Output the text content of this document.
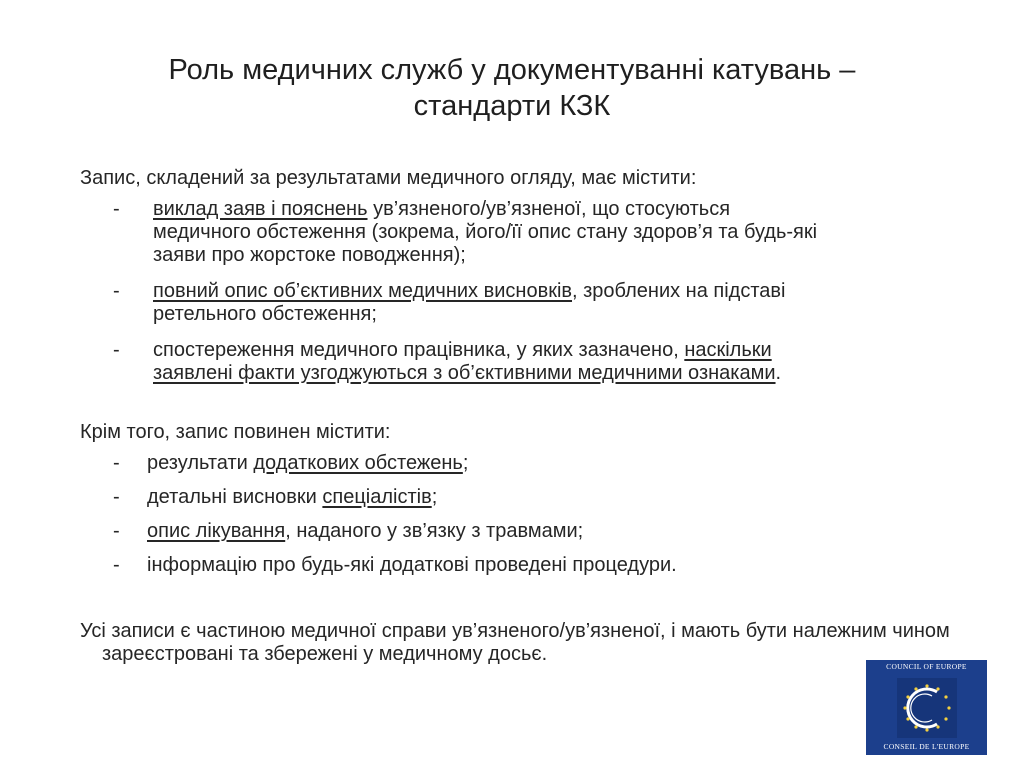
Роль медичних служб у документуванні катувань –
стандарти КЗК
Запис, складений за результатами медичного огляду, має містити:
- виклад заяв і пояснень ув’язненого/ув’язненої, що стосуються
медичного обстеження (зокрема, його/її опис стану здоров’я та будь-які
заяви про жорстоке поводження);
- повний опис об’єктивних медичних висновків, зроблених на підставі
ретельного обстеження;
- спостереження медичного працівника, у яких зазначено, наскільки
заявлені факти узгоджуються з об’єктивними медичними ознаками.
Крім того, запис повинен містити:
- результати додаткових обстежень;
- детальні висновки спеціалістів;
- опис лікування, наданого у зв’язку з травмами;
- інформацію про будь-які додаткові проведені процедури.
Усі записи є частиною медичної справи ув’язненого/ув’язненої, і мають бути належним чином зареєстровані та збережені у медичному досьє.
COUNCIL OF EUROPE
CONSEIL DE L'EUROPE
